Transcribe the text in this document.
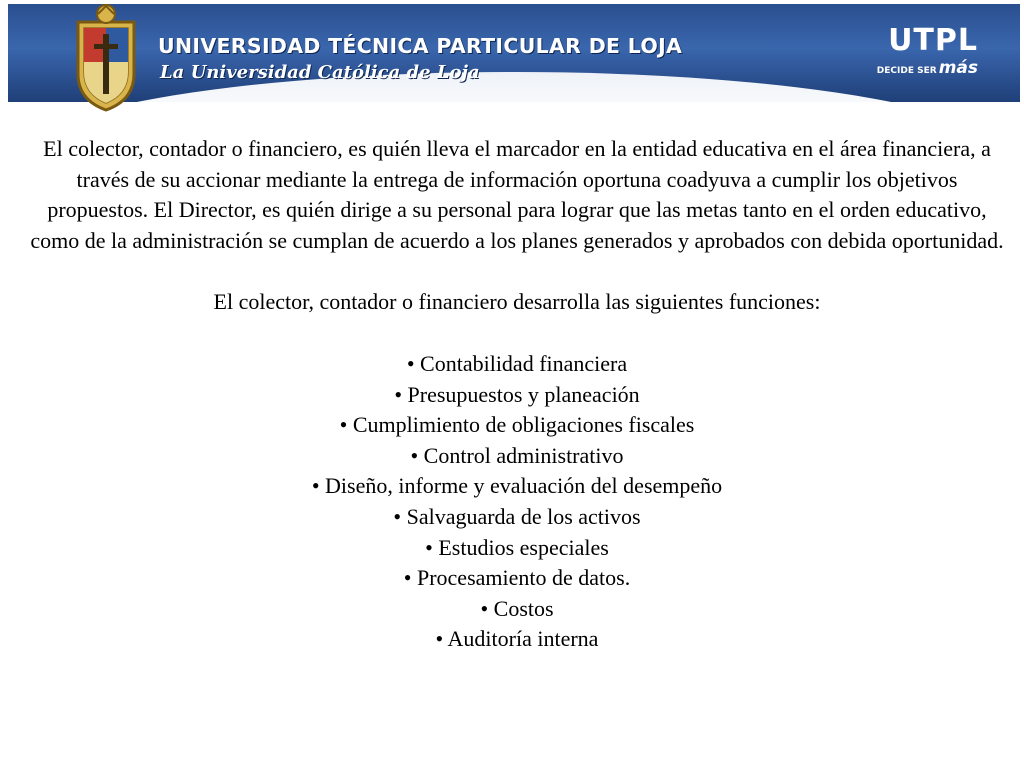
UNIVERSIDAD TÉCNICA PARTICULAR DE LOJA
La Universidad Católica de Loja
UTPL
DECIDE SER más

El colector, contador o financiero, es quién lleva el marcador en la entidad educativa en el área financiera, a través de su accionar mediante la entrega de información oportuna coadyuva a cumplir los objetivos propuestos. El Director, es quién dirige a su personal para lograr que las metas tanto en el orden educativo, como de la administración se cumplan de acuerdo a los planes generados y aprobados con debida oportunidad.

El colector, contador o financiero desarrolla las siguientes funciones:

• Contabilidad financiera
• Presupuestos y planeación
• Cumplimiento de obligaciones fiscales
• Control administrativo
• Diseño, informe y evaluación del desempeño
• Salvaguarda de los activos
• Estudios especiales
• Procesamiento de datos.
• Costos
• Auditoría interna
